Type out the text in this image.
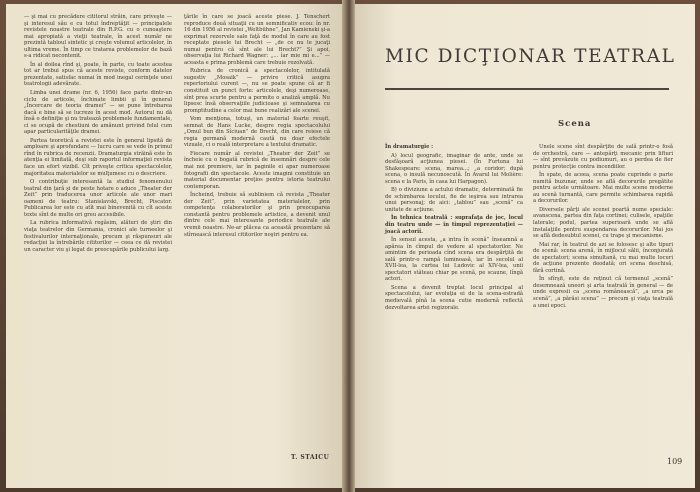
— şi mai cu precădere cititorul străin, care priveşte — şi interesul său e cu totul îndreptăţit — principalele revistele noastre teatrale din R.P.G. cu o cunoaştere mai apropiată a vieţii teatrale, în acest număr ne prezintă tabloul sintetic şi creşte volumul articolelor, în ultima vreme. În timp ce tratarea problemelor de bază s-a ridicat necontenit.

În al doilea rînd şi, poate, în parte, cu toate acestea tot ar trebui spus că aceste reviste, conform datelor prezentate, satisfac numai în mod inegal cerinţele unei teatrologii adevărate.

Limba unei drame (nr. 6, 1956) face parte dintr-un ciclu de articole, închinate limbii şi în general „Încercare de teoria dramei” — se pune întrebarea dacă e bine să se lucreze în acest mod. Autorul nu dă însă o definiţie şi nu tratează problemele fundamentale, ci se ocupă de chestiuni de amănunt privind felul cum apar particularităţile dramei.

Partea teoretică a revistei este în general lipsită de amploare şi aprofundare — lucru care se vede în primul rînd în rubrica de recenzii. Dramaturgia străină este în atenţia ei limitată, deşi sub raportul informaţiei revista face un efort vizibil. Cît priveşte critica spectacolelor, majoritatea materialelor se mulţumesc cu o descriere.

O contribuţie interesantă la studiul fenomenului teatral din ţară şi de peste hotare o aduce „Theater der Zeit” prin traducerea unor articole ale unor mari oameni de teatru: Stanislavski, Brecht, Piscator. Publicarea lor este cu atît mai binevenită cu cît aceste texte sînt de multe ori greu accesibile.

La rubrica informativă regăsim, alături de ştiri din viaţa teatrelor din Germania, cronici ale turneelor şi festivalurilor internaţionale, precum şi răspunsuri ale redacţiei la întrebările cititorilor — ceea ce dă revistei un caracter viu şi legat de preocupările publicului larg.

ţările în care se joacă aceste piese. J. Tenschert reproduce două situaţii cu un semnificativ ecou: în nr. 16 din 1956 al revistei „Weltbühne”, Jan Kamienski şi-a exprimat rezervele sale faţă de modul în care au fost receptate piesele lui Brecht — „de ce nu le jucaţi numai pentru că sînt ale lui Brecht?” Şi apoi, observaţia lui Richard Wagner: „... îar mie mi e...” — aceasta e prima problemă care trebuie rezolvată.

Rubrica de cronică a spectacolelor, intitulată sugestiv „Mosaik” — privire critică asupra repertoriului curent —, nu se poate spune că ar fi constituit un punct forte: articolele, deşi numeroase, sînt prea scurte pentru a permite o analiză amplă. Nu lipsesc însă observaţiile judicioase şi semnalarea cu promptitudine a celor mai bune realizări ale scenei.

Vom menţiona, totuşi, un material foarte reuşit, semnat de Hans Lucke, despre regia spectacolului „Omul bun din Sîciuan” de Brecht, din care reiese că regia germană modernă caută nu doar efectele vizuale, ci o reală interpretare a textului dramatic.

Fiecare număr al revistei „Theater der Zeit” se încheie cu o bogată rubrică de însemnări despre cele mai noi premiere, iar în paginile ei apar numeroase fotografii din spectacole. Aceste imagini constituie un material documentar preţios pentru istoria teatrului contemporan.

Încheind, trebuie să subliniem că revista „Theater der Zeit”, prin varietatea materialelor, prin competenţa colaboratorilor şi prin preocuparea constantă pentru problemele artistice, a devenit unul dintre cele mai interesante periodice teatrale ale vremii noastre. Ne-ar plăcea ca această prezentare să stîrnească interesul cititorilor noştri pentru ea.

T. STAICU
MIC DICŢIONAR TEATRAL
Scena

În dramaturgie :

A) locul geografic, imaginar de ante, unde se desfăşoară acţiunea piesei. (În Furtuna lui Shakespeare: scena, marea...; „a coridor; după scena, o insulă necunoscută. În Avarul lui Molière: scena e la Paris, în casa lui Harpagon).

B) o diviziune a actului dramatic, determinată fie de schimbarea locului, fie de ieşirea sau intrarea unui personaj; de aici: „tablou” sau „scenă” ca unitate de acţiune.

În tehnica teatrală : suprafaţa de joc, locul din teatru unde — în timpul reprezentaţiei — joacă actorii.

În sensul acesta, „a intra în scenă” înseamnă a apărea în cîmpul de vedere al spectatorilor. Ne amintim de perioada cînd scena era despărţită de sală printr-o rampă luminoasă, iar în secolul al XVII-lea, la curtea lui Ludovic al XIV-lea, unii spectatori stăteau chiar pe scenă, pe scaune, lîngă actori.

Scena a devenit treptat locul principal al spectacolului, iar evoluţia ei de la scena-estradă medievală pînă la scena cutie modernă reflectă dezvoltarea artei regizorale.

Unele scene sînt despărţite de sală printr-o fosă de orchestră, care — antepărţi mecanic prin lifturi — sînt prevăzute cu podiumuri, au o perdea de fier pentru protecţie contra incendiilor.

În spate, de aceea, scena poate cuprinde o parte numită buzunar, unde se află decorurile pregătite pentru actele următoare. Mai multe scene moderne au scenă turnantă, care permite schimbarea rapidă a decorurilor.

Diversele părţi ale scenei poartă nume speciale: avanscena, partea din faţa cortinei; culisele, spaţiile laterale; podul, partea superioară unde se află instalaţiile pentru suspendarea decorurilor. Mai jos se află dedesubtul scenei, cu trape şi mecanisme.

Mai rar, în teatrul de azi se folosesc şi alte tipuri de scenă: scena arenă, în mijlocul sălii, înconjurată de spectatori; scena simultană, cu mai multe locuri de acţiune prezente deodată; ori scena deschisă, fără cortină.

În sfîrşit, este de reţinut că termenul „scenă” desemnează uneori şi arta teatrală în general — de unde expresii ca „scena românească”, „a urca pe scenă”, „a părăsi scena” — precum şi viaţa teatrală a unei epoci.

109
